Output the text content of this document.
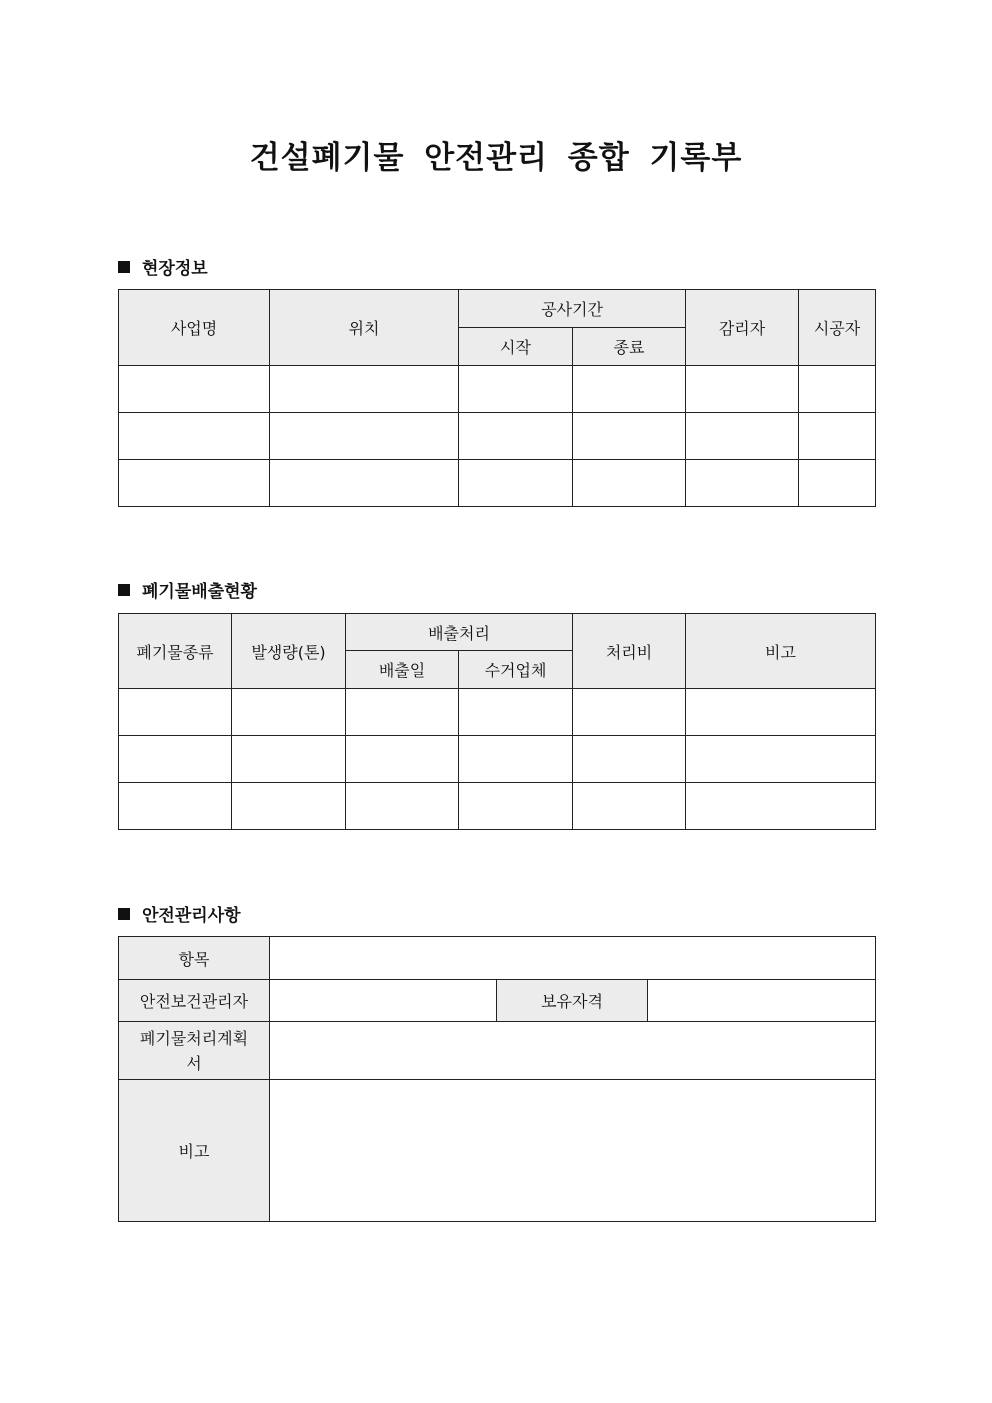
건설폐기물 안전관리 종합 기록부
현장정보
사업명	위치	공사기간		감리자	시공자
		시작	종료		

폐기물배출현황
폐기물종류	발생량(톤)	배출처리		처리비	비고
		배출일	수거업체		

안전관리사항
항목			
안전보건관리자		보유자격	
폐기물처리계획서			
비고			
